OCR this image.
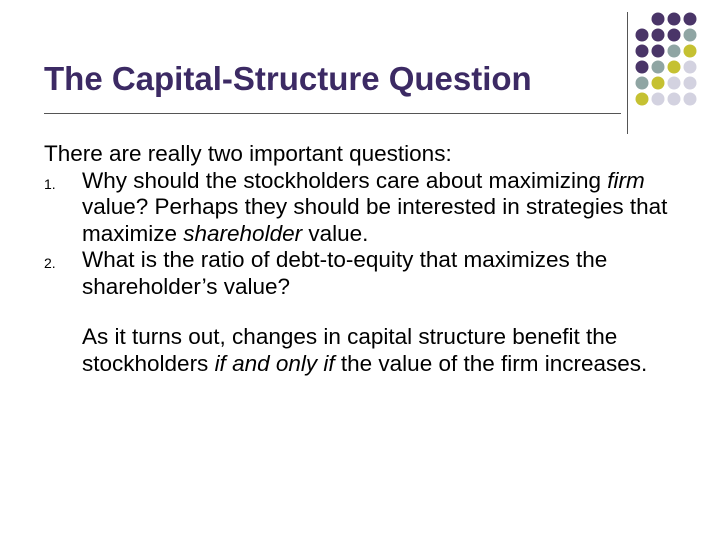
The Capital-Structure Question

There are really two important questions:

1. Why should the stockholders care about maximizing firm value? Perhaps they should be interested in strategies that maximize shareholder value.
2. What is the ratio of debt-to-equity that maximizes the shareholder’s value?

As it turns out, changes in capital structure benefit the stockholders if and only if the value of the firm increases.
